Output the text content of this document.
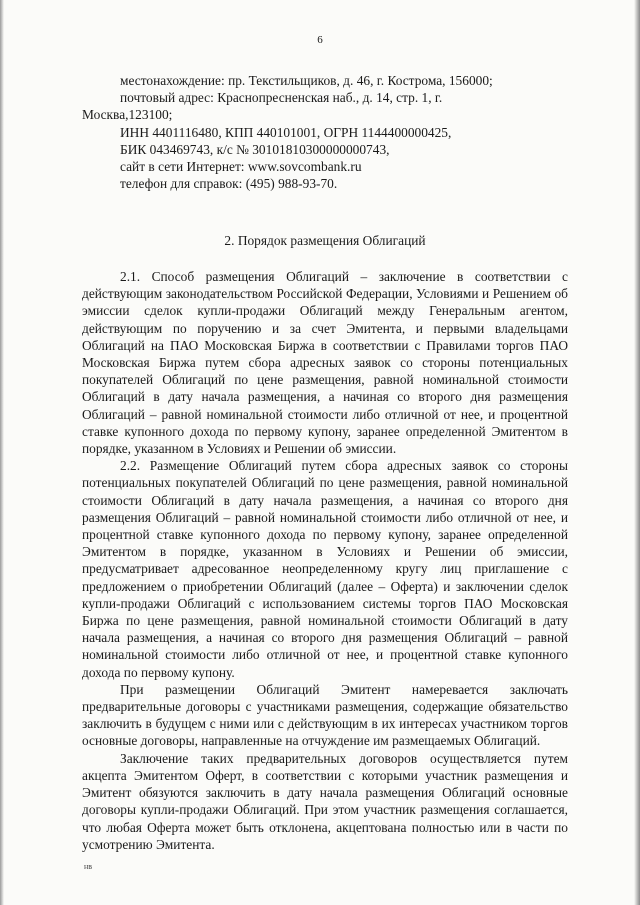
6
местонахождение: пр. Текстильщиков, д. 46, г. Кострома, 156000;
почтовый адрес: Краснопресненская наб., д. 14, стр. 1, г.
Москва,123100;
ИНН 4401116480, КПП 440101001, ОГРН 1144400000425,
БИК 043469743, к/с № 30101810300000000743,
сайт в сети Интернет: www.sovcombank.ru
телефон для справок: (495) 988-93-70.
2. Порядок размещения Облигаций

2.1. Способ размещения Облигаций – заключение в соответствии с действующим законодательством Российской Федерации, Условиями и Решением об эмиссии сделок купли-продажи Облигаций между Генеральным агентом, действующим по поручению и за счет Эмитента, и первыми владельцами Облигаций на ПАО Московская Биржа в соответствии с Правилами торгов ПАО Московская Биржа путем сбора адресных заявок со стороны потенциальных покупателей Облигаций по цене размещения, равной номинальной стоимости Облигаций в дату начала размещения, а начиная со второго дня размещения Облигаций – равной номинальной стоимости либо отличной от нее, и процентной ставке купонного дохода по первому купону, заранее определенной Эмитентом в порядке, указанном в Условиях и Решении об эмиссии.

2.2. Размещение Облигаций путем сбора адресных заявок со стороны потенциальных покупателей Облигаций по цене размещения, равной номинальной стоимости Облигаций в дату начала размещения, а начиная со второго дня размещения Облигаций – равной номинальной стоимости либо отличной от нее, и процентной ставке купонного дохода по первому купону, заранее определенной Эмитентом в порядке, указанном в Условиях и Решении об эмиссии, предусматривает адресованное неопределенному кругу лиц приглашение с предложением о приобретении Облигаций (далее – Оферта) и заключении сделок купли-продажи Облигаций с использованием системы торгов ПАО Московская Биржа по цене размещения, равной номинальной стоимости Облигаций в дату начала размещения, а начиная со второго дня размещения Облигаций – равной номинальной стоимости либо отличной от нее, и процентной ставке купонного дохода по первому купону.

При размещении Облигаций Эмитент намеревается заключать предварительные договоры с участниками размещения, содержащие обязательство заключить в будущем с ними или с действующим в их интересах участником торгов основные договоры, направленные на отчуждение им размещаемых Облигаций.

Заключение таких предварительных договоров осуществляется путем акцепта Эмитентом Оферт, в соответствии с которыми участник размещения и Эмитент обязуются заключить в дату начала размещения Облигаций основные договоры купли-продажи Облигаций. При этом участник размещения соглашается, что любая Оферта может быть отклонена, акцептована полностью или в части по усмотрению Эмитента.

нв
